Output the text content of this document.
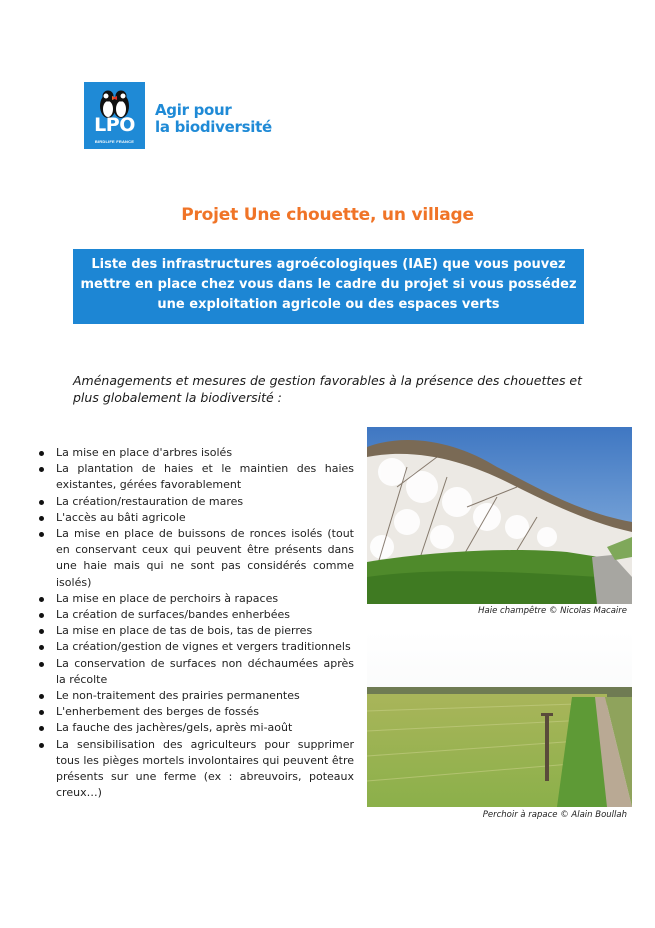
LPO
BIRDLIFE FRANCE
Agir pour
la biodiversité
Projet Une chouette, un village
Liste des infrastructures agroécologiques (IAE) que vous pouvez
mettre en place chez vous dans le cadre du projet si vous possédez
une exploitation agricole ou des espaces verts
Aménagements et mesures de gestion favorables à la présence des chouettes et plus globalement la biodiversité :
La mise en place d'arbres isolés
La plantation de haies et le maintien des haies existantes, gérées favorablement
La création/restauration de mares
L'accès au bâti agricole
La mise en place de buissons de ronces isolés (tout en conservant ceux qui peuvent être présents dans une haie mais qui ne sont pas considérés comme isolés)
La mise en place de perchoirs à rapaces
La création de surfaces/bandes enherbées
La mise en place de tas de bois, tas de pierres
La création/gestion de vignes et vergers traditionnels
La conservation de surfaces non déchaumées après la récolte
Le non-traitement des prairies permanentes
L'enherbement des berges de fossés
La fauche des jachères/gels, après mi-août
La sensibilisation des agriculteurs pour supprimer tous les pièges mortels involontaires qui peuvent être présents sur une ferme (ex : abreuvoirs, poteaux creux…)
Haie champêtre © Nicolas Macaire
Perchoir à rapace © Alain Boullah
